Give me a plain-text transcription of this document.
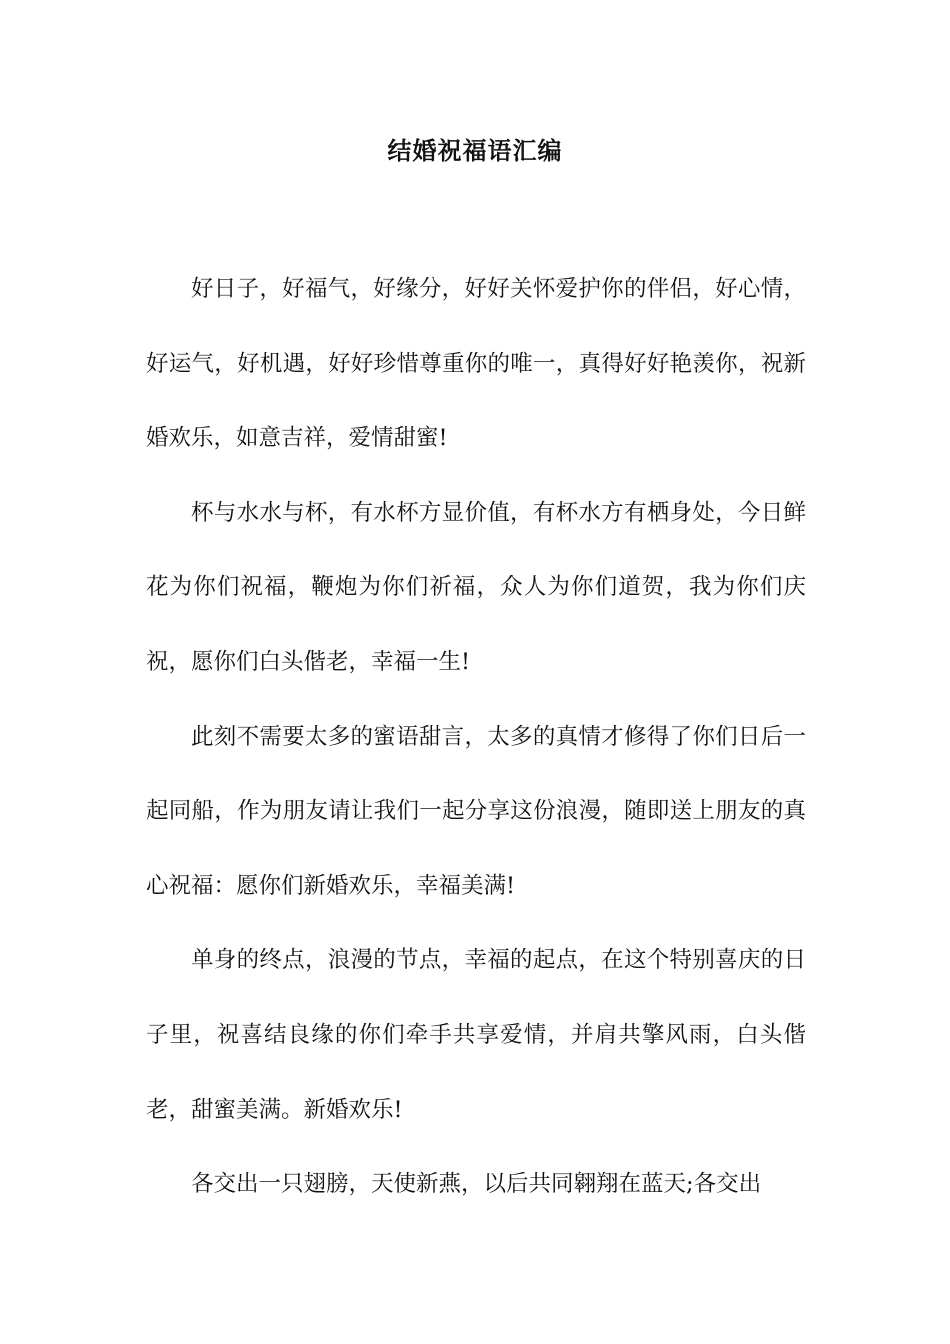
结婚祝福语汇编

好日子，好福气，好缘分，好好关怀爱护你的伴侣，好心情，好运气，好机遇，好好珍惜尊重你的唯一，真得好好艳羡你，祝新婚欢乐，如意吉祥，爱情甜蜜!

杯与水水与杯，有水杯方显价值，有杯水方有栖身处，今日鲜花为你们祝福，鞭炮为你们祈福，众人为你们道贺，我为你们庆祝，愿你们白头偕老，幸福一生!

此刻不需要太多的蜜语甜言，太多的真情才修得了你们日后一起同船，作为朋友请让我们一起分享这份浪漫，随即送上朋友的真心祝福：愿你们新婚欢乐，幸福美满!

单身的终点，浪漫的节点，幸福的起点，在这个特别喜庆的日子里，祝喜结良缘的你们牵手共享爱情，并肩共擎风雨，白头偕老，甜蜜美满。新婚欢乐!

各交出一只翅膀，天使新燕，以后共同翱翔在蓝天;各交出
